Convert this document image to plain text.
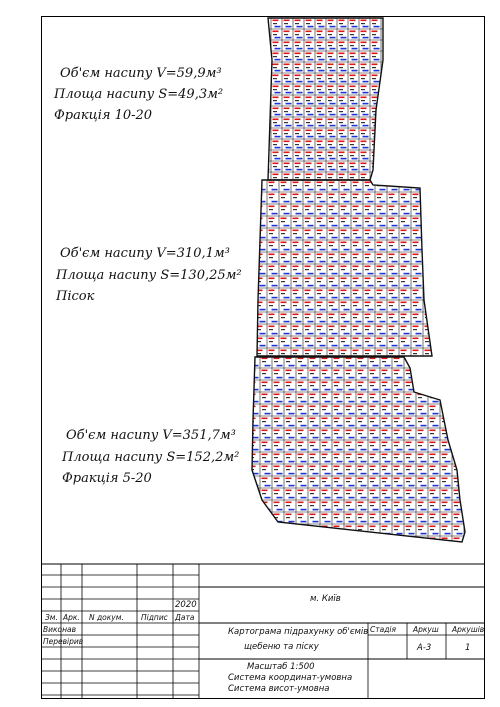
Об'єм насипу V=59,9м³
Площа насипу S=49,3м²
Фракція 10-20
Об'єм насипу V=310,1м³
Площа насипу S=130,25м²
Пісок
Об'єм насипу V=351,7м³
Площа насипу S=152,2м²
Фракція 5-20
2020
Зм. Арк. N докум. Підпис Дата
Виконав
Перевірив
м. Київ
Картограма підрахунку об'ємів
щебеню та піску
Стадія Аркуш Аркушів
А-3	1
Масштаб 1:500
Система координат-умовна
Система висот-умовна
